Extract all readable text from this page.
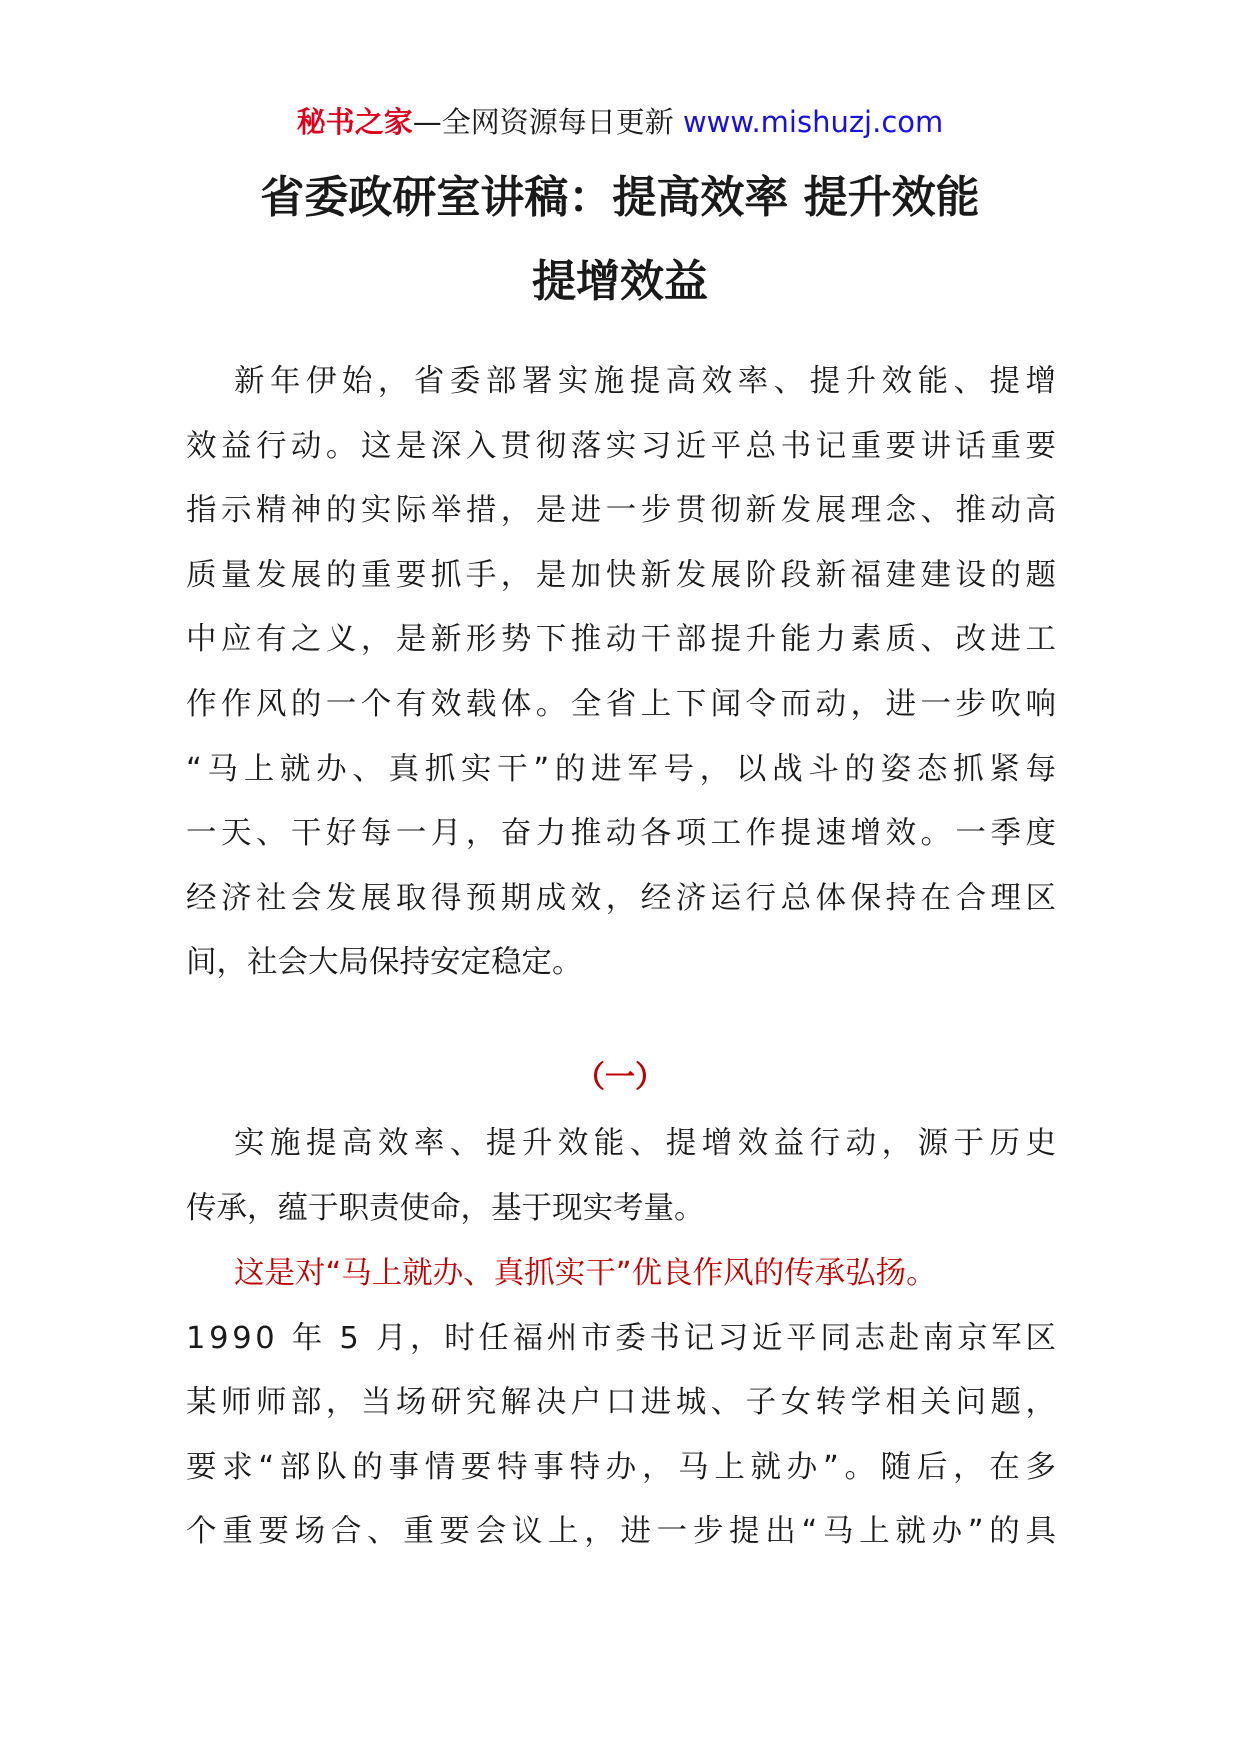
秘书之家—全网资源每日更新 www.mishuzj.com
省委政研室讲稿：提高效率 提升效能
提增效益
新年伊始，省委部署实施提高效率、提升效能、提增
效益行动。这是深入贯彻落实习近平总书记重要讲话重要
指示精神的实际举措，是进一步贯彻新发展理念、推动高
质量发展的重要抓手，是加快新发展阶段新福建建设的题
中应有之义，是新形势下推动干部提升能力素质、改进工
作作风的一个有效载体。全省上下闻令而动，进一步吹响
“马上就办、真抓实干”的进军号，以战斗的姿态抓紧每
一天、干好每一月，奋力推动各项工作提速增效。一季度
经济社会发展取得预期成效，经济运行总体保持在合理区
间，社会大局保持安定稳定。
（一）
实施提高效率、提升效能、提增效益行动，源于历史
传承，蕴于职责使命，基于现实考量。
这是对“马上就办、真抓实干”优良作风的传承弘扬。
1990 年 5 月，时任福州市委书记习近平同志赴南京军区
某师师部，当场研究解决户口进城、子女转学相关问题，
要求“部队的事情要特事特办，马上就办”。随后，在多
个重要场合、重要会议上，进一步提出“马上就办”的具
